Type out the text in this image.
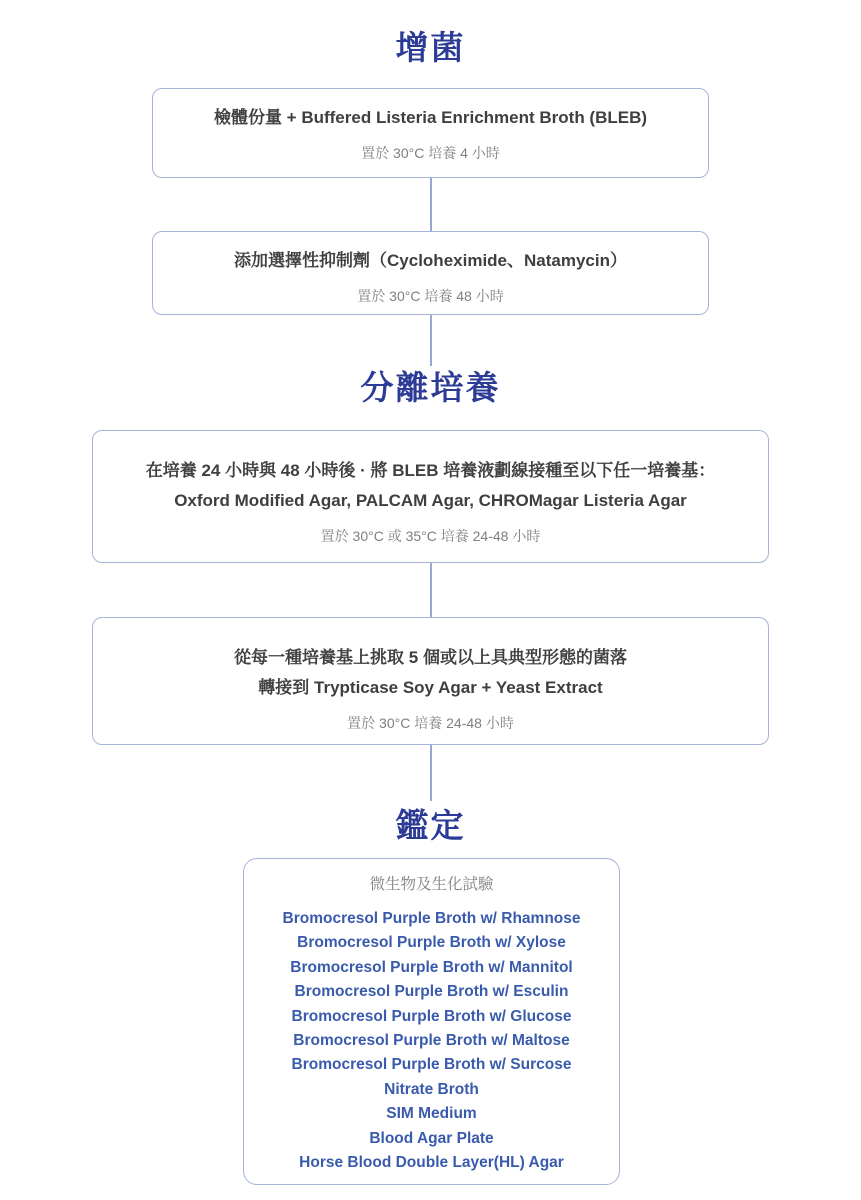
增菌
檢體份量 + Buffered Listeria Enrichment Broth (BLEB)
置於 30°C 培養 4 小時
添加選擇性抑制劑（Cycloheximide、Natamycin）
置於 30°C 培養 48 小時
分離培養
在培養 24 小時與 48 小時後 · 將 BLEB 培養液劃線接種至以下任一培養基：
Oxford Modified Agar, PALCAM Agar, CHROMagar Listeria Agar
置於 30°C 或 35°C 培養 24-48 小時
從每一種培養基上挑取 5 個或以上具典型形態的菌落
轉接到 Trypticase Soy Agar + Yeast Extract
置於 30°C 培養 24-48 小時
鑑定
微生物及生化試驗
Bromocresol Purple Broth w/ Rhamnose
Bromocresol Purple Broth w/ Xylose
Bromocresol Purple Broth w/ Mannitol
Bromocresol Purple Broth w/ Esculin
Bromocresol Purple Broth w/ Glucose
Bromocresol Purple Broth w/ Maltose
Bromocresol Purple Broth w/ Surcose
Nitrate Broth
SIM Medium
Blood Agar Plate
Horse Blood Double Layer(HL) Agar
